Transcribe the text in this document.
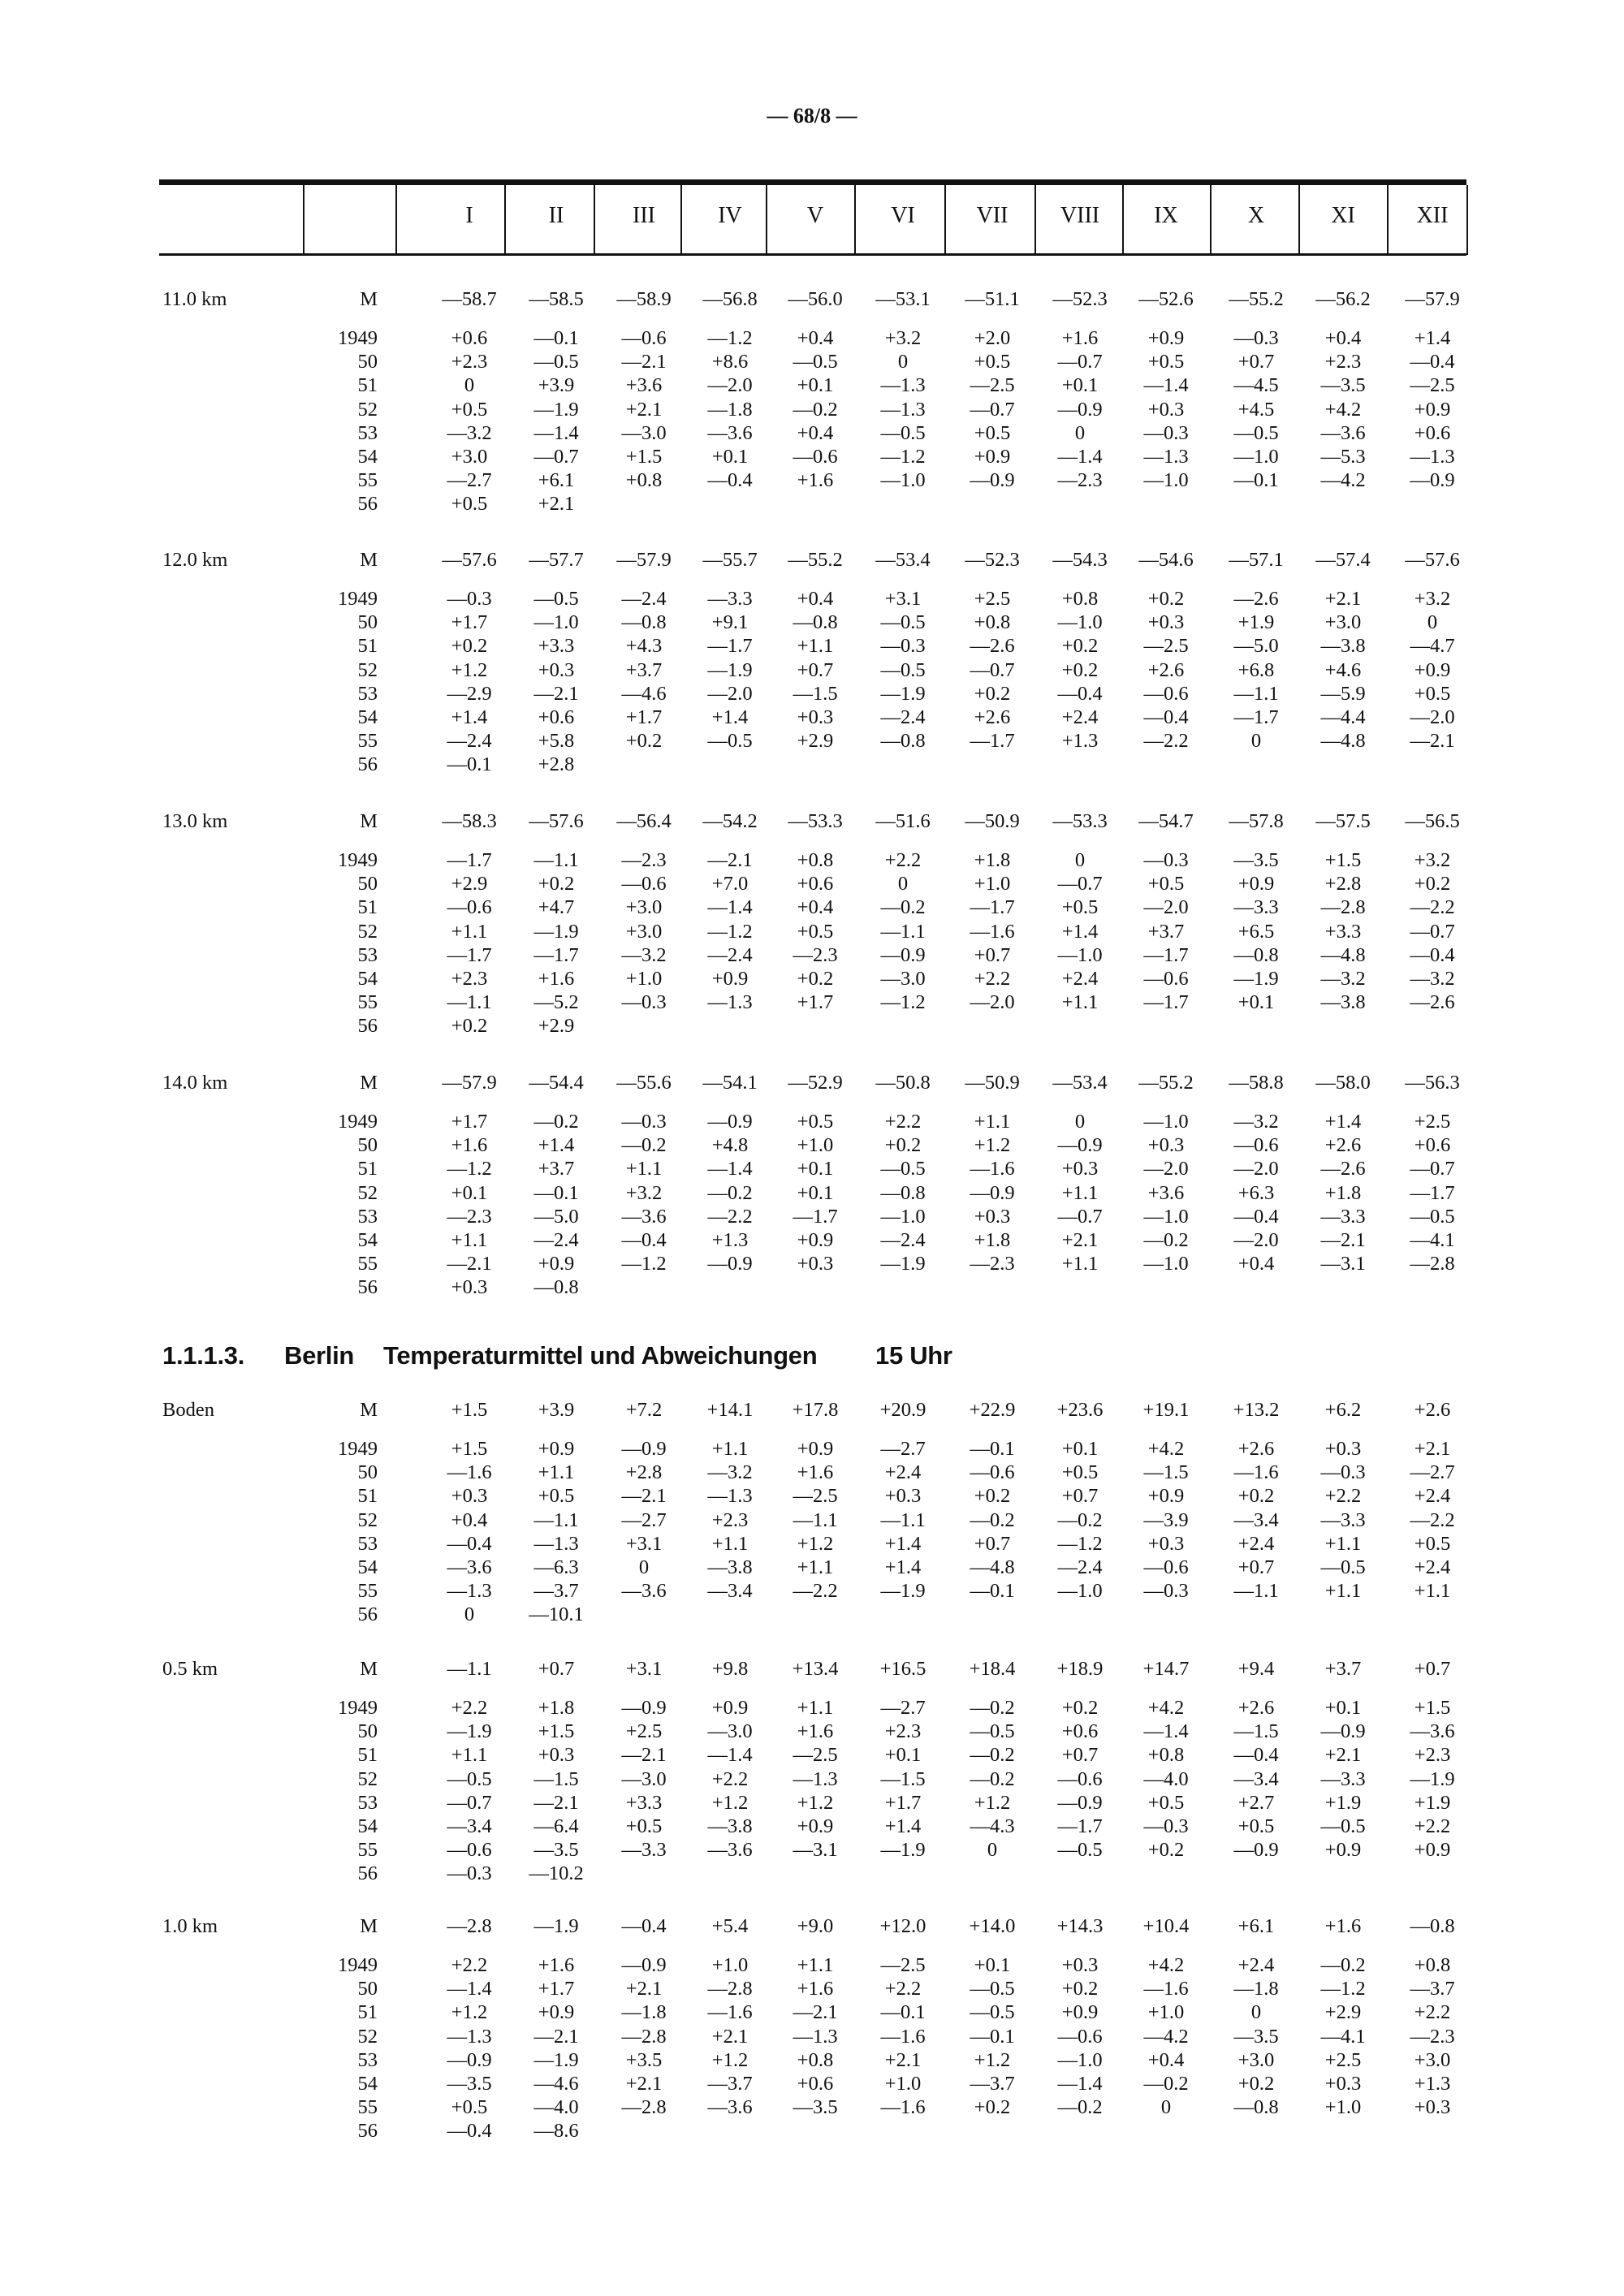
— 68/8 —
I	II	III	IV	V	VI	VII VIII IX	X	XI	XII
11.0 km	M	—58.7 —58.5 —58.9 —56.8 —56.0 —53.1 —51.1 —52.3 —52.6 —55.2 —56.2 —57.9
1949	+0.6 —0.1 —0.6 —1.2 +0.4	+3.2	+2.0	+1.6	+0.9 —0.3 +0.4	+1.4
50	+2.3 —0.5 —2.1 +8.6 —0.5	0	+0.5 —0.7 +0.5	+0.7	+2.3 —0.4
51	0	+3.9	+3.6 —2.0 +0.1 —1.3 —2.5 +0.1 —1.4 —4.5 —3.5 —2.5
52	+0.5 —1.9 +2.1 —1.8 —0.2 —1.3 —0.7 —0.9 +0.3	+4.5	+4.2	+0.9
53	—3.2 —1.4 —3.0 —3.6 +0.4 —0.5 +0.5	0	—0.3 —0.5 —3.6 +0.6
54	+3.0 —0.7 +1.5	+0.1 —0.6 —1.2 +0.9 —1.4 —1.3 —1.0 —5.3 —1.3
55	—2.7 +6.1	+0.8 —0.4 +1.6 —1.0 —0.9 —2.3 —1.0 —0.1 —4.2 —0.9
56	+0.5	+2.1
12.0 km	M	—57.6 —57.7 —57.9 —55.7 —55.2 —53.4 —52.3 —54.3 —54.6 —57.1 —57.4 —57.6
1949	—0.3 —0.5 —2.4 —3.3 +0.4	+3.1	+2.5	+0.8	+0.2 —2.6 +2.1	+3.2
50	+1.7 —1.0 —0.8 +9.1 —0.8 —0.5 +0.8 —1.0 +0.3	+1.9	+3.0	0
51	+0.2	+3.3	+4.3 —1.7 +1.1 —0.3 —2.6 +0.2 —2.5 —5.0 —3.8 —4.7
52	+1.2	+0.3	+3.7 —1.9 +0.7 —0.5 —0.7 +0.2	+2.6	+6.8	+4.6	+0.9
53	—2.9 —2.1 —4.6 —2.0 —1.5 —1.9 +0.2 —0.4 —0.6 —1.1 —5.9 +0.5
54	+1.4	+0.6	+1.7	+1.4 +0.3 —2.4 +2.6	+2.4 —0.4 —1.7 —4.4 —2.0
55	—2.4 +5.8	+0.2 —0.5 +2.9 —0.8 —1.7 +1.3 —2.2	0	—4.8 —2.1
56	—0.1 +2.8
13.0 km	M	—58.3 —57.6 —56.4 —54.2 —53.3 —51.6 —50.9 —53.3 —54.7 —57.8 —57.5 —56.5
1949	—1.7 —1.1 —2.3 —2.1 +0.8	+2.2	+1.8	0	—0.3 —3.5 +1.5	+3.2
50	+2.9	+0.2 —0.6 +7.0 +0.6	0	+1.0 —0.7 +0.5	+0.9	+2.8	+0.2
51	—0.6 +4.7	+3.0 —1.4 +0.4 —0.2 —1.7 +0.5 —2.0 —3.3 —2.8 —2.2
52	+1.1 —1.9 +3.0 —1.2 +0.5 —1.1 —1.6 +1.4	+3.7	+6.5	+3.3 —0.7
53	—1.7 —1.7 —3.2 —2.4 —2.3 —0.9 +0.7 —1.0 —1.7 —0.8 —4.8 —0.4
54	+2.3	+1.6	+1.0	+0.9 +0.2 —3.0 +2.2	+2.4 —0.6 —1.9 —3.2 —3.2
55	—1.1 —5.2 —0.3 —1.3 +1.7 —1.2 —2.0 +1.1 —1.7 +0.1 —3.8 —2.6
56	+0.2	+2.9
14.0 km	M	—57.9 —54.4 —55.6 —54.1 —52.9 —50.8 —50.9 —53.4 —55.2 —58.8 —58.0 —56.3
1949	+1.7 —0.2 —0.3 —0.9 +0.5	+2.2	+1.1	0	—1.0 —3.2 +1.4	+2.5
50	+1.6	+1.4 —0.2 +4.8 +1.0	+0.2	+1.2 —0.9 +0.3 —0.6 +2.6	+0.6
51	—1.2 +3.7	+1.1 —1.4 +0.1 —0.5 —1.6 +0.3 —2.0 —2.0 —2.6 —0.7
52	+0.1 —0.1 +3.2 —0.2 +0.1 —0.8 —0.9 +1.1	+3.6	+6.3	+1.8 —1.7
53	—2.3 —5.0 —3.6 —2.2 —1.7 —1.0 +0.3 —0.7 —1.0 —0.4 —3.3 —0.5
54	+1.1 —2.4 —0.4 +1.3 +0.9 —2.4 +1.8	+2.1 —0.2 —2.0 —2.1 —4.1
55	—2.1 +0.9 —1.2 —0.9 +0.3 —1.9 —2.3 +1.1 —1.0 +0.4 —3.1 —2.8
56	+0.3 —0.8
1.1.1.3. Berlin Temperaturmittel und Abweichungen 15 Uhr
Boden	M	+1.5	+3.9	+7.2 +14.1 +17.8 +20.9 +22.9 +23.6 +19.1 +13.2 +6.2	+2.6
1949	+1.5	+0.9 —0.9 +1.1 +0.9 —2.7 —0.1 +0.1	+4.2	+2.6	+0.3	+2.1
50	—1.6 +1.1	+2.8 —3.2 +1.6	+2.4 —0.6 +0.5 —1.5 —1.6 —0.3 —2.7
51	+0.3	+0.5 —2.1 —1.3 —2.5 +0.3	+0.2	+0.7	+0.9	+0.2	+2.2	+2.4
52	+0.4 —1.1 —2.7 +2.3 —1.1 —1.1 —0.2 —0.2 —3.9 —3.4 —3.3 —2.2
53	—0.4 —1.3 +3.1	+1.1 +1.2	+1.4	+0.7 —1.2 +0.3	+2.4	+1.1	+0.5
54	—3.6 —6.3	0	—3.8 +1.1	+1.4 —4.8 —2.4 —0.6 +0.7 —0.5 +2.4
55	—1.3 —3.7 —3.6 —3.4 —2.2 —1.9 —0.1 —1.0 —0.3 —1.1 +1.1	+1.1
56	0	—10.1
0.5 km	M	—1.1 +0.7	+3.1	+9.8 +13.4 +16.5 +18.4 +18.9 +14.7 +9.4	+3.7	+0.7
1949	+2.2	+1.8 —0.9 +0.9 +1.1 —2.7 —0.2 +0.2	+4.2	+2.6	+0.1	+1.5
50	—1.9 +1.5	+2.5 —3.0 +1.6	+2.3 —0.5 +0.6 —1.4 —1.5 —0.9 —3.6
51	+1.1	+0.3 —2.1 —1.4 —2.5 +0.1 —0.2 +0.7	+0.8 —0.4 +2.1	+2.3
52	—0.5 —1.5 —3.0 +2.2 —1.3 —1.5 —0.2 —0.6 —4.0 —3.4 —3.3 —1.9
53	—0.7 —2.1 +3.3	+1.2 +1.2	+1.7	+1.2 —0.9 +0.5	+2.7	+1.9	+1.9
54	—3.4 —6.4 +0.5 —3.8 +0.9	+1.4 —4.3 —1.7 —0.3 +0.5 —0.5 +2.2
55	—0.6 —3.5 —3.3 —3.6 —3.1 —1.9	0	—0.5 +0.2 —0.9 +0.9	+0.9
56	—0.3 —10.2
1.0 km	M	—2.8 —1.9 —0.4 +5.4 +9.0 +12.0 +14.0 +14.3 +10.4 +6.1	+1.6 —0.8
1949	+2.2	+1.6 —0.9 +1.0 +1.1 —2.5 +0.1	+0.3	+4.2	+2.4 —0.2 +0.8
50	—1.4 +1.7	+2.1 —2.8 +1.6	+2.2 —0.5 +0.2 —1.6 —1.8 —1.2 —3.7
51	+1.2	+0.9 —1.8 —1.6 —2.1 —0.1 —0.5 +0.9	+1.0	0	+2.9	+2.2
52	—1.3 —2.1 —2.8 +2.1 —1.3 —1.6 —0.1 —0.6 —4.2 —3.5 —4.1 —2.3
53	—0.9 —1.9 +3.5	+1.2 +0.8	+2.1	+1.2 —1.0 +0.4	+3.0	+2.5	+3.0
54	—3.5 —4.6 +2.1 —3.7 +0.6	+1.0 —3.7 —1.4 —0.2 +0.2	+0.3	+1.3
55	+0.5 —4.0 —2.8 —3.6 —3.5 —1.6 +0.2 —0.2	0	—0.8 +1.0	+0.3
56	—0.4 —8.6
